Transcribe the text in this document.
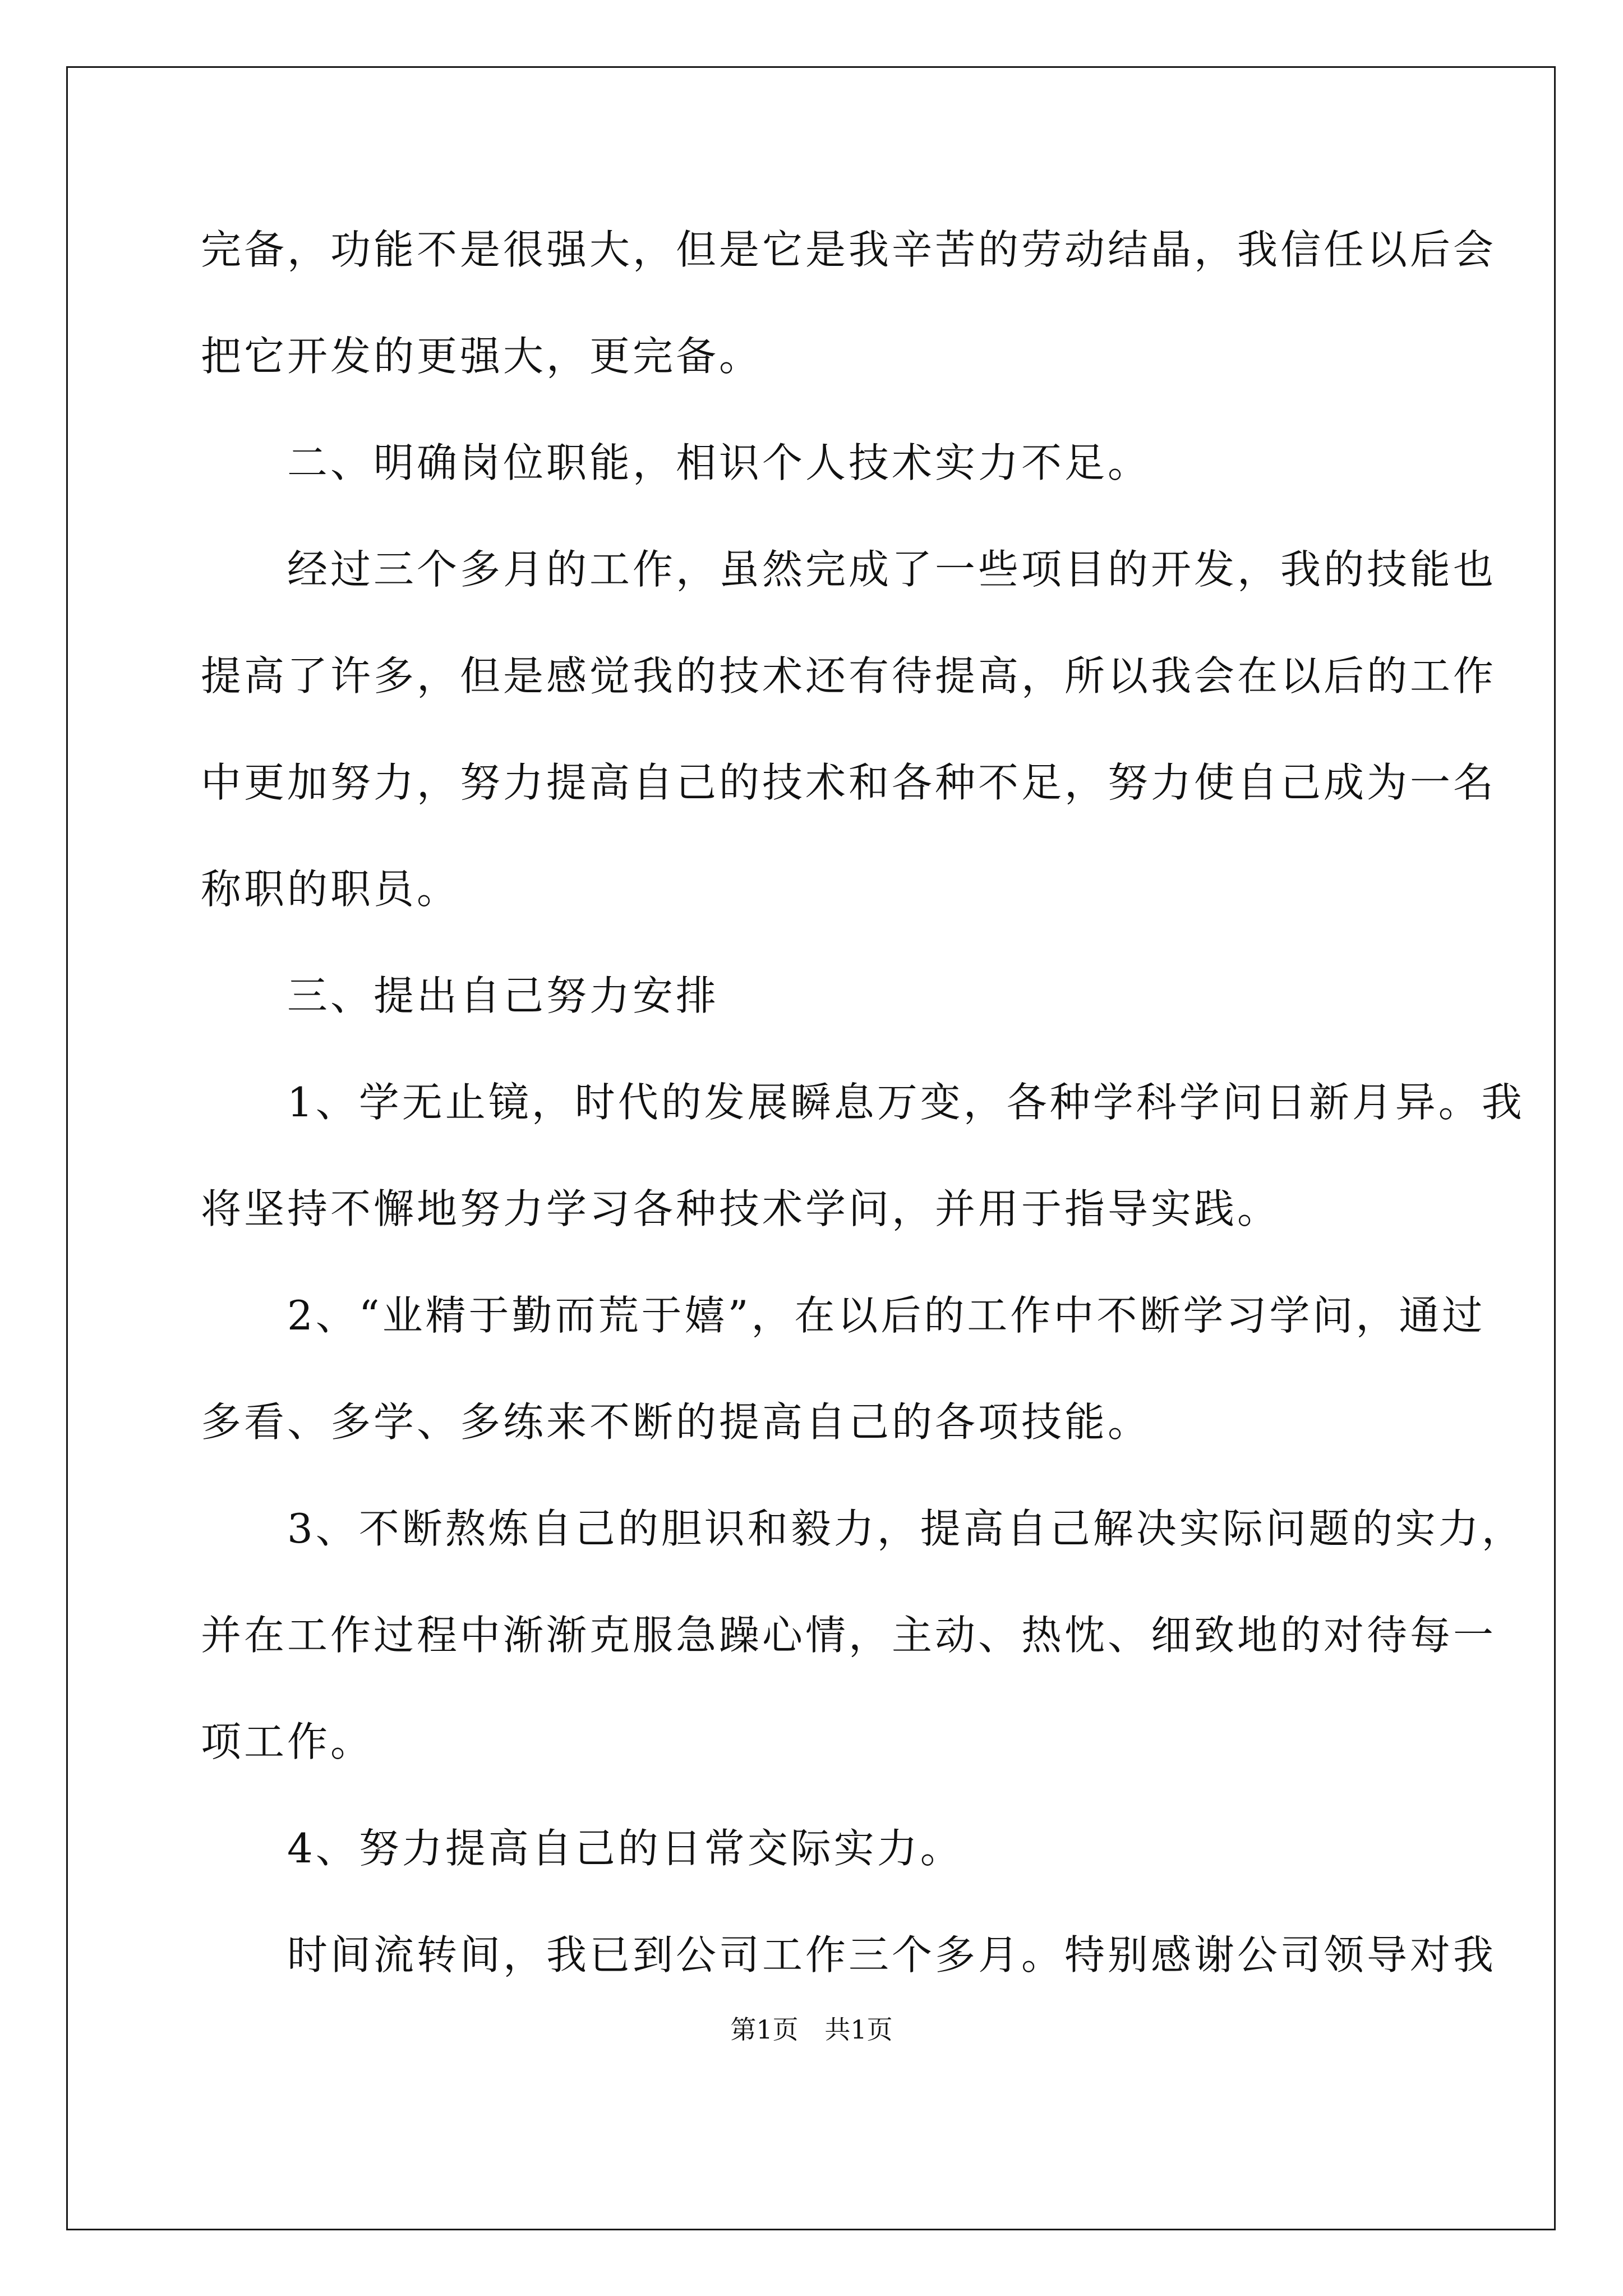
完备，功能不是很强大，但是它是我辛苦的劳动结晶，我信任以后会
把它开发的更强大，更完备。
　　二、明确岗位职能，相识个人技术实力不足。
　　经过三个多月的工作，虽然完成了一些项目的开发，我的技能也
提高了许多，但是感觉我的技术还有待提高，所以我会在以后的工作
中更加努力，努力提高自己的技术和各种不足，努力使自己成为一名
称职的职员。
　　三、提出自己努力安排
　　1、学无止镜，时代的发展瞬息万变，各种学科学问日新月异。我
将坚持不懈地努力学习各种技术学问，并用于指导实践。
　　2、“业精于勤而荒于嬉”，在以后的工作中不断学习学问，通过
多看、多学、多练来不断的提高自己的各项技能。
　　3、不断熬炼自己的胆识和毅力，提高自己解决实际问题的实力，
并在工作过程中渐渐克服急躁心情，主动、热忱、细致地的对待每一
项工作。
　　4、努力提高自己的日常交际实力。
　　时间流转间，我已到公司工作三个多月。特别感谢公司领导对我
第1页 共1页
